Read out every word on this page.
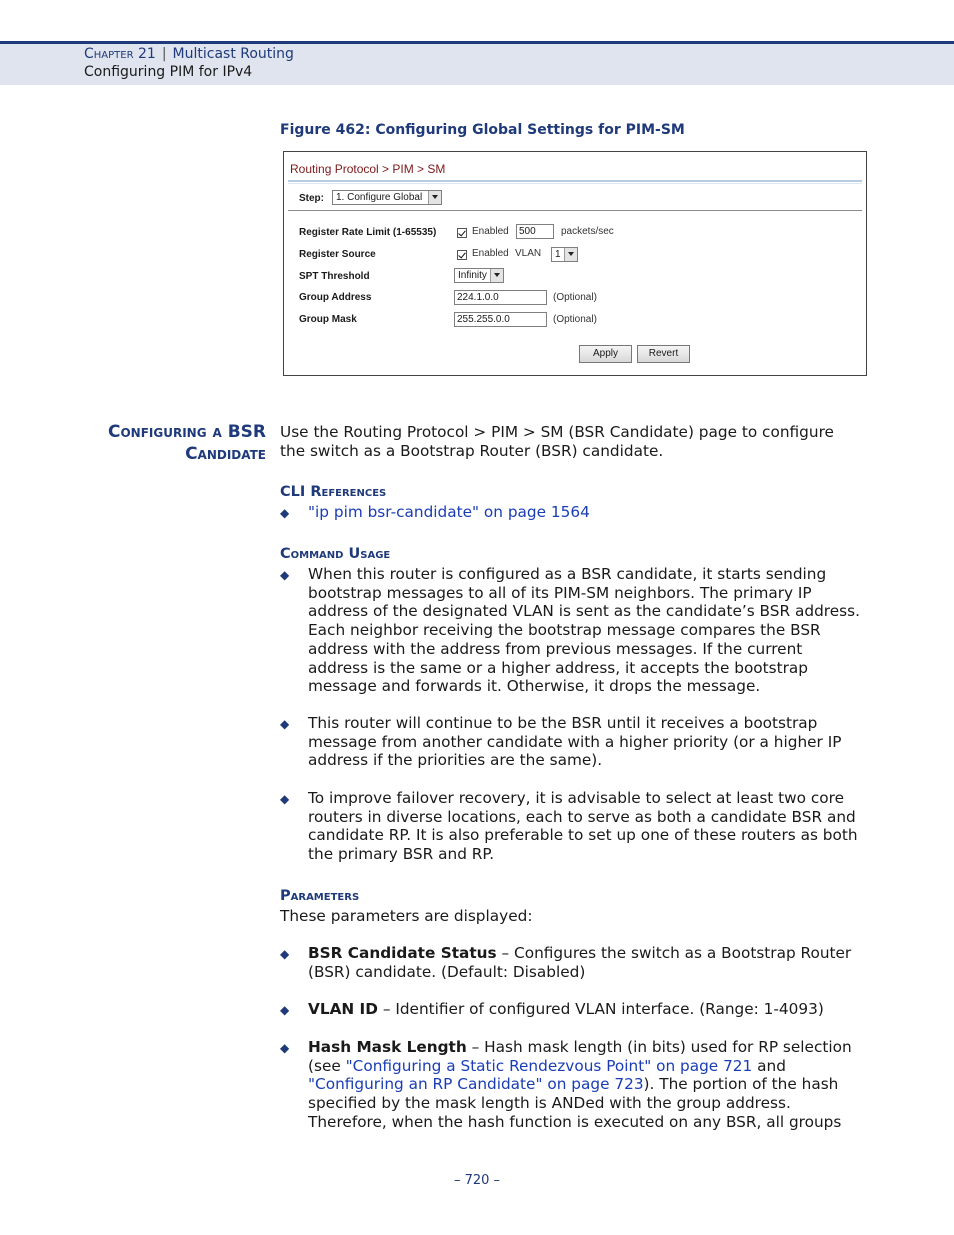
Chapter 21 | Multicast Routing
Configuring PIM for IPv4
Figure 462: Configuring Global Settings for PIM-SM
Routing Protocol > PIM > SM
Step:	1. Configure Global
Register Rate Limit (1-65535)	Enabled	500	packets/sec
Register Source	Enabled VLAN	1
SPT Threshold	Infinity
Group Address	224.1.0.0	(Optional)
Group Mask	255.255.0.0	(Optional)
Apply	Revert
Configuring a BSR
Candidate
Use the Routing Protocol > PIM > SM (BSR Candidate) page to configure
the switch as a Bootstrap Router (BSR) candidate.
CLI References
◆ "ip pim bsr-candidate" on page 1564
Command Usage
◆ When this router is configured as a BSR candidate, it starts sending
bootstrap messages to all of its PIM-SM neighbors. The primary IP
address of the designated VLAN is sent as the candidate’s BSR address.
Each neighbor receiving the bootstrap message compares the BSR
address with the address from previous messages. If the current
address is the same or a higher address, it accepts the bootstrap
message and forwards it. Otherwise, it drops the message.
◆ This router will continue to be the BSR until it receives a bootstrap
message from another candidate with a higher priority (or a higher IP
address if the priorities are the same).
◆ To improve failover recovery, it is advisable to select at least two core
routers in diverse locations, each to serve as both a candidate BSR and
candidate RP. It is also preferable to set up one of these routers as both
the primary BSR and RP.
Parameters
These parameters are displayed:
◆ BSR Candidate Status – Configures the switch as a Bootstrap Router
(BSR) candidate. (Default: Disabled)
◆ VLAN ID – Identifier of configured VLAN interface. (Range: 1-4093)
◆ Hash Mask Length – Hash mask length (in bits) used for RP selection
(see "Configuring a Static Rendezvous Point" on page 721 and
"Configuring an RP Candidate" on page 723). The portion of the hash
specified by the mask length is ANDed with the group address.
Therefore, when the hash function is executed on any BSR, all groups
– 720 –
